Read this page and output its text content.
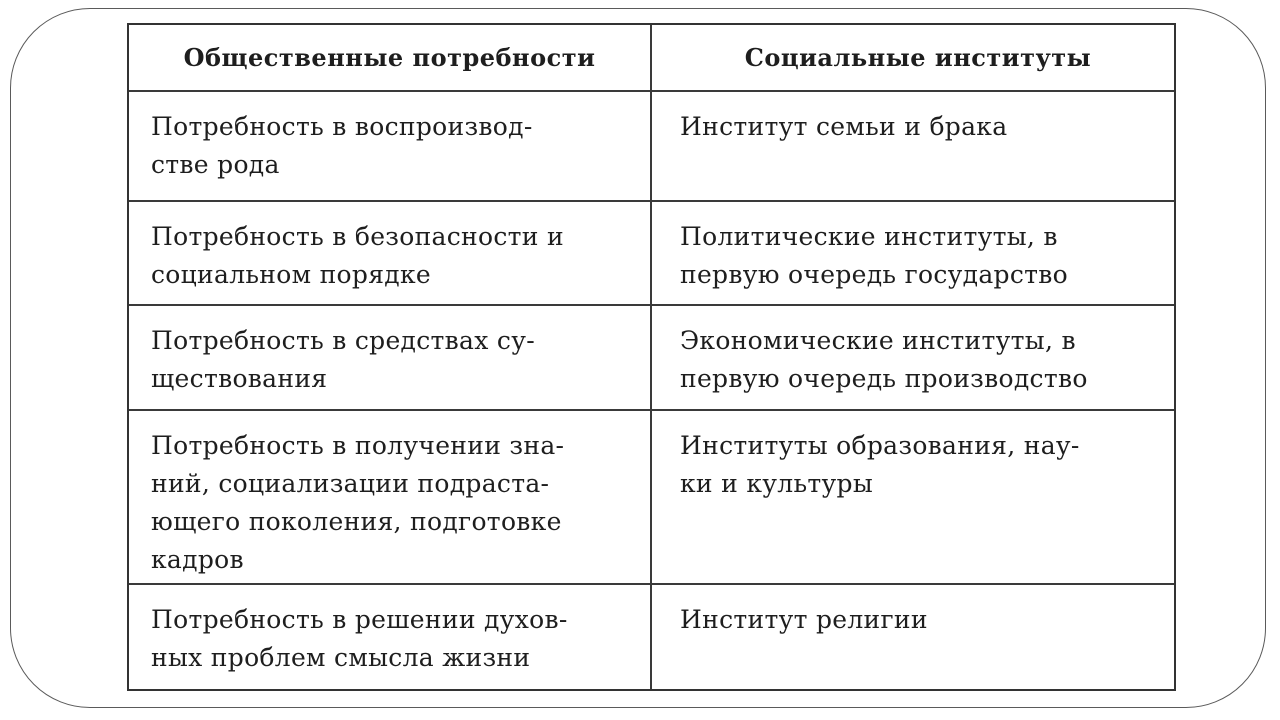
Общественные потребности	Социальные институты
Потребность в воспроизвод-
стве рода
Институт семьи и брака
Потребность в безопасности и
социальном порядке
Политические институты, в
первую очередь государство
Потребность в средствах су-
ществования
Экономические институты, в
первую очередь производство
Потребность в получении зна-
ний, социализации подраста-
ющего поколения, подготовке
кадров
Институты образования, нау-
ки и культуры
Потребность в решении духов-
ных проблем смысла жизни
Институт религии
